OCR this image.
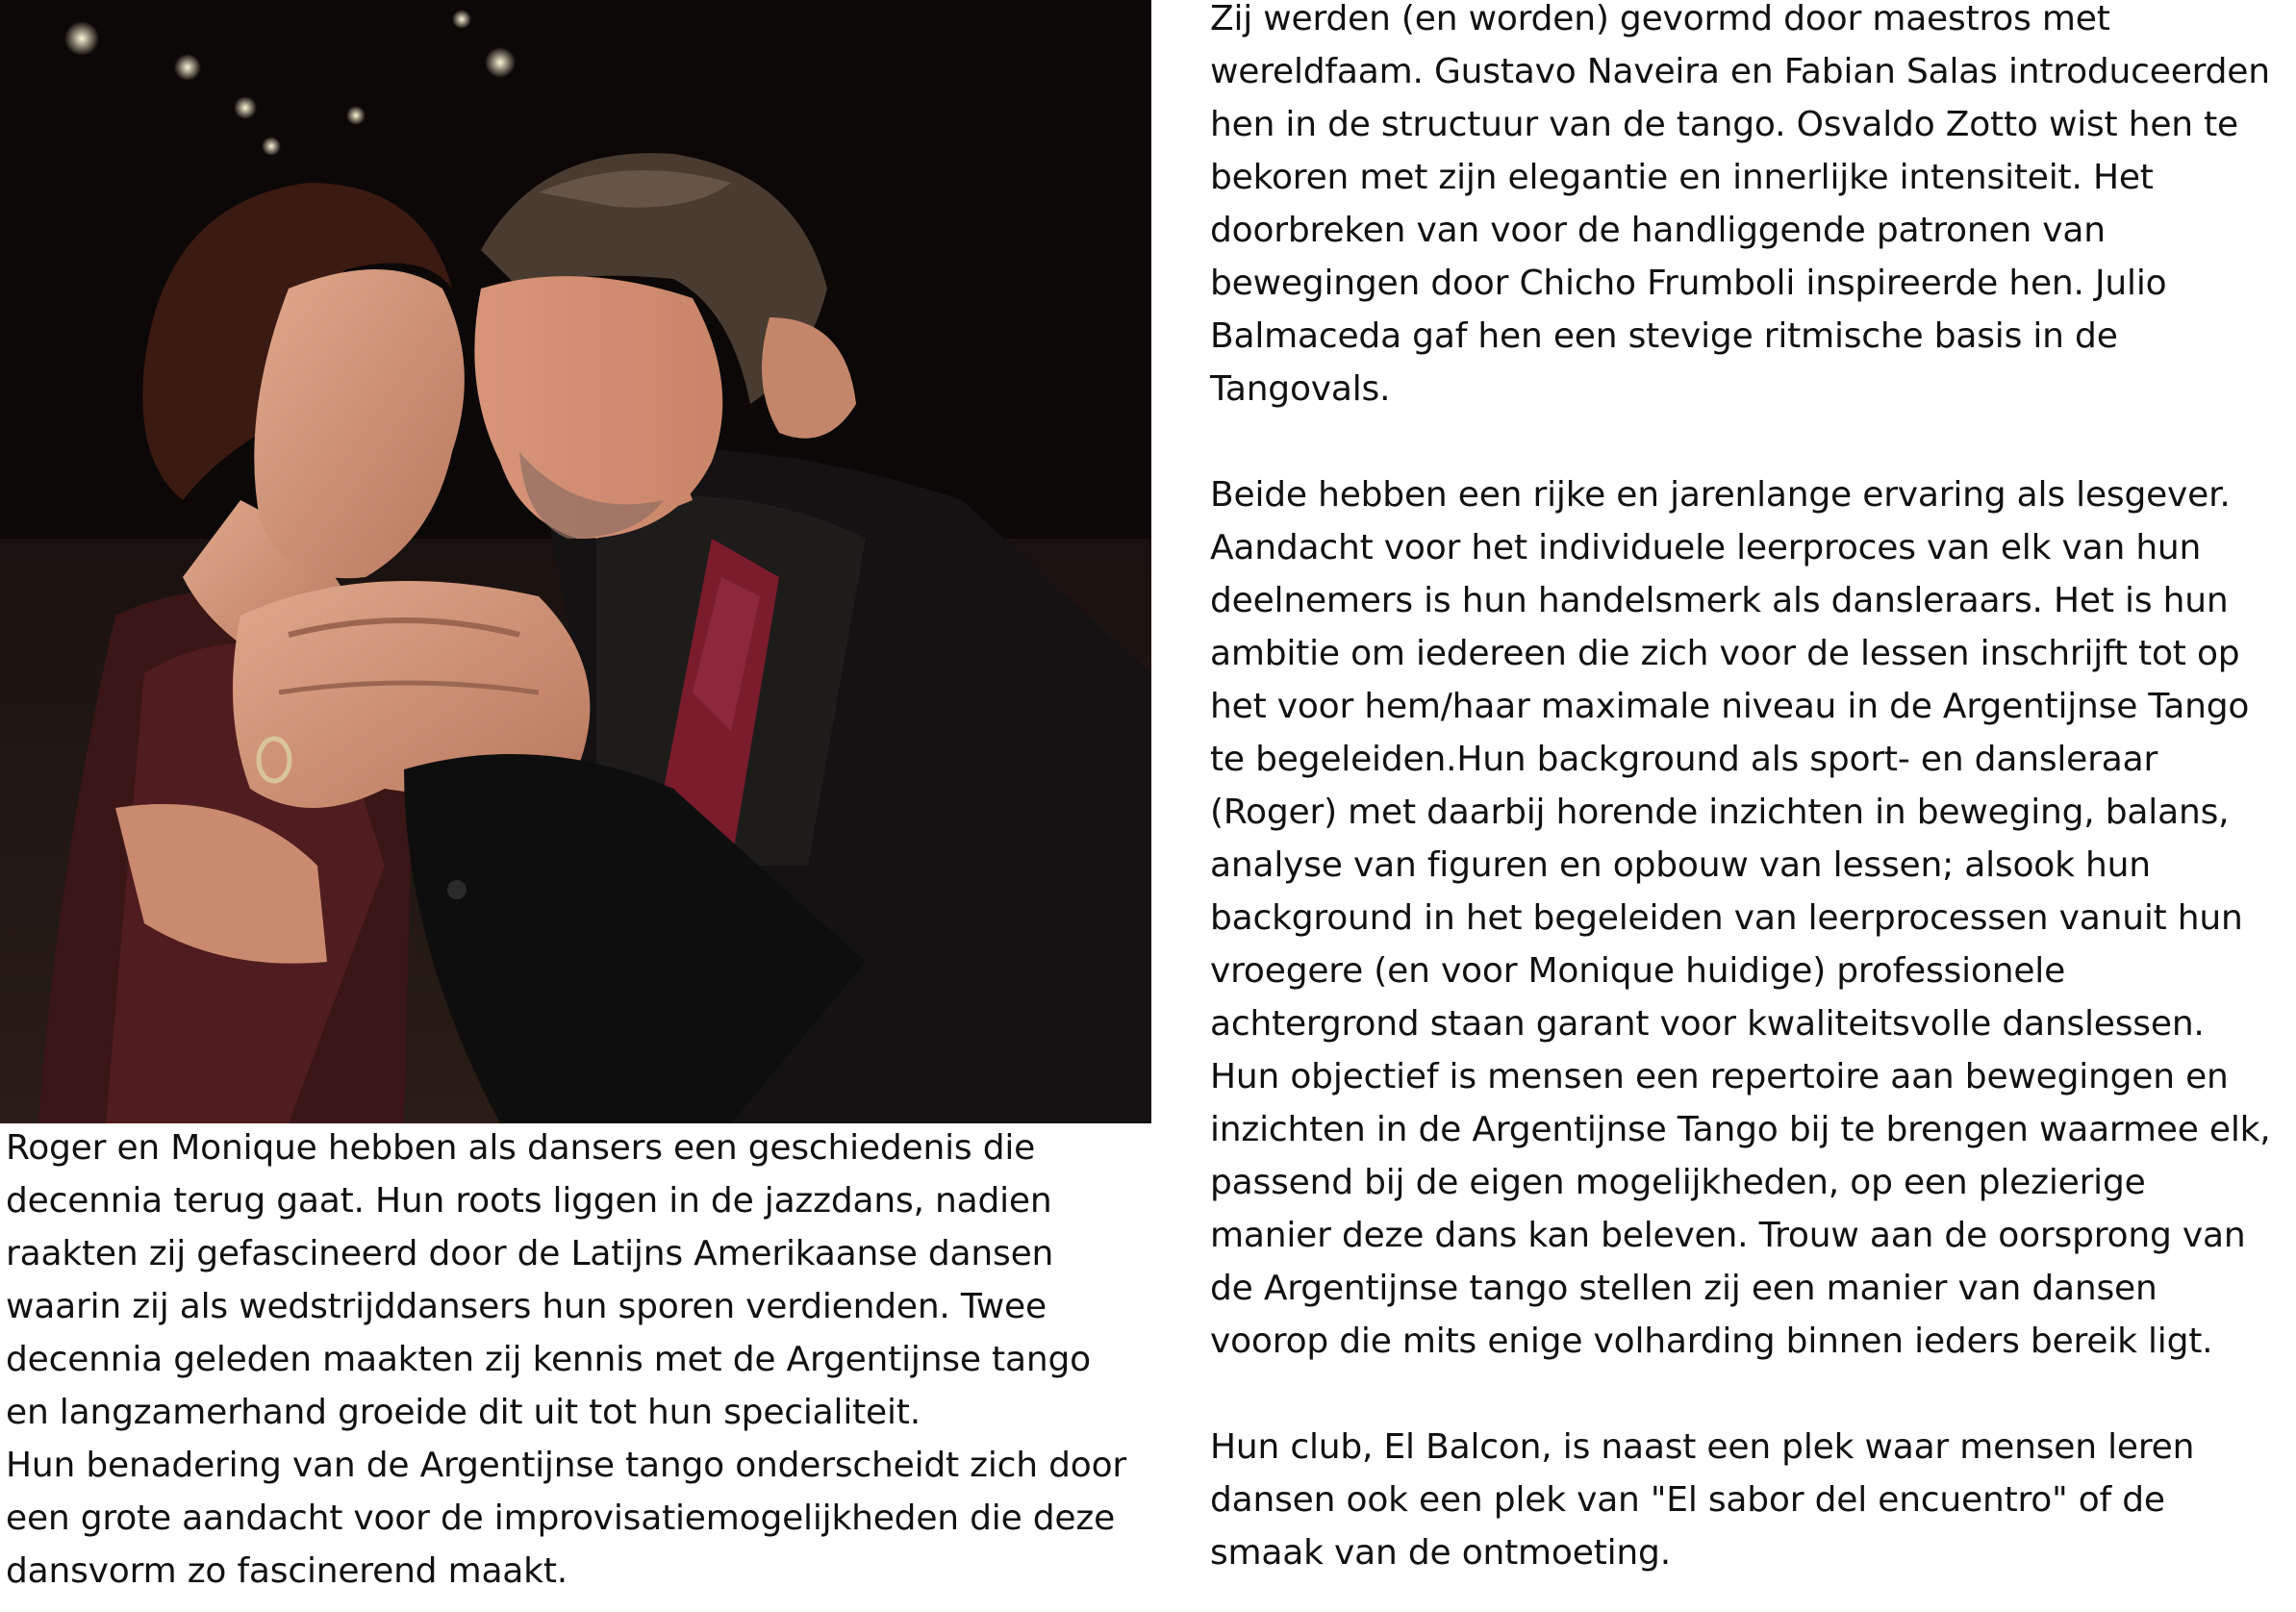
Roger en Monique hebben als dansers een geschiedenis die
decennia terug gaat. Hun roots liggen in de jazzdans, nadien
raakten zij gefascineerd door de Latijns Amerikaanse dansen
waarin zij als wedstrijddansers hun sporen verdienden. Twee
decennia geleden maakten zij kennis met de Argentijnse tango
en langzamerhand groeide dit uit tot hun specialiteit.
Hun benadering van de Argentijnse tango onderscheidt zich door
een grote aandacht voor de improvisatiemogelijkheden die deze
dansvorm zo fascinerend maakt.
Zij werden (en worden) gevormd door maestros met
wereldfaam. Gustavo Naveira en Fabian Salas introduceerden
hen in de structuur van de tango. Osvaldo Zotto wist hen te
bekoren met zijn elegantie en innerlijke intensiteit. Het
doorbreken van voor de handliggende patronen van
bewegingen door Chicho Frumboli inspireerde hen. Julio
Balmaceda gaf hen een stevige ritmische basis in de
Tangovals.
Beide hebben een rijke en jarenlange ervaring als lesgever.
Aandacht voor het individuele leerproces van elk van hun
deelnemers is hun handelsmerk als dansleraars. Het is hun
ambitie om iedereen die zich voor de lessen inschrijft tot op
het voor hem/haar maximale niveau in de Argentijnse Tango
te begeleiden.Hun background als sport- en dansleraar
(Roger) met daarbij horende inzichten in beweging, balans,
analyse van figuren en opbouw van lessen; alsook hun
background in het begeleiden van leerprocessen vanuit hun
vroegere (en voor Monique huidige) professionele
achtergrond staan garant voor kwaliteitsvolle danslessen.
Hun objectief is mensen een repertoire aan bewegingen en
inzichten in de Argentijnse Tango bij te brengen waarmee elk,
passend bij de eigen mogelijkheden, op een plezierige
manier deze dans kan beleven. Trouw aan de oorsprong van
de Argentijnse tango stellen zij een manier van dansen
voorop die mits enige volharding binnen ieders bereik ligt.
Hun club, El Balcon, is naast een plek waar mensen leren
dansen ook een plek van "El sabor del encuentro" of de
smaak van de ontmoeting.
